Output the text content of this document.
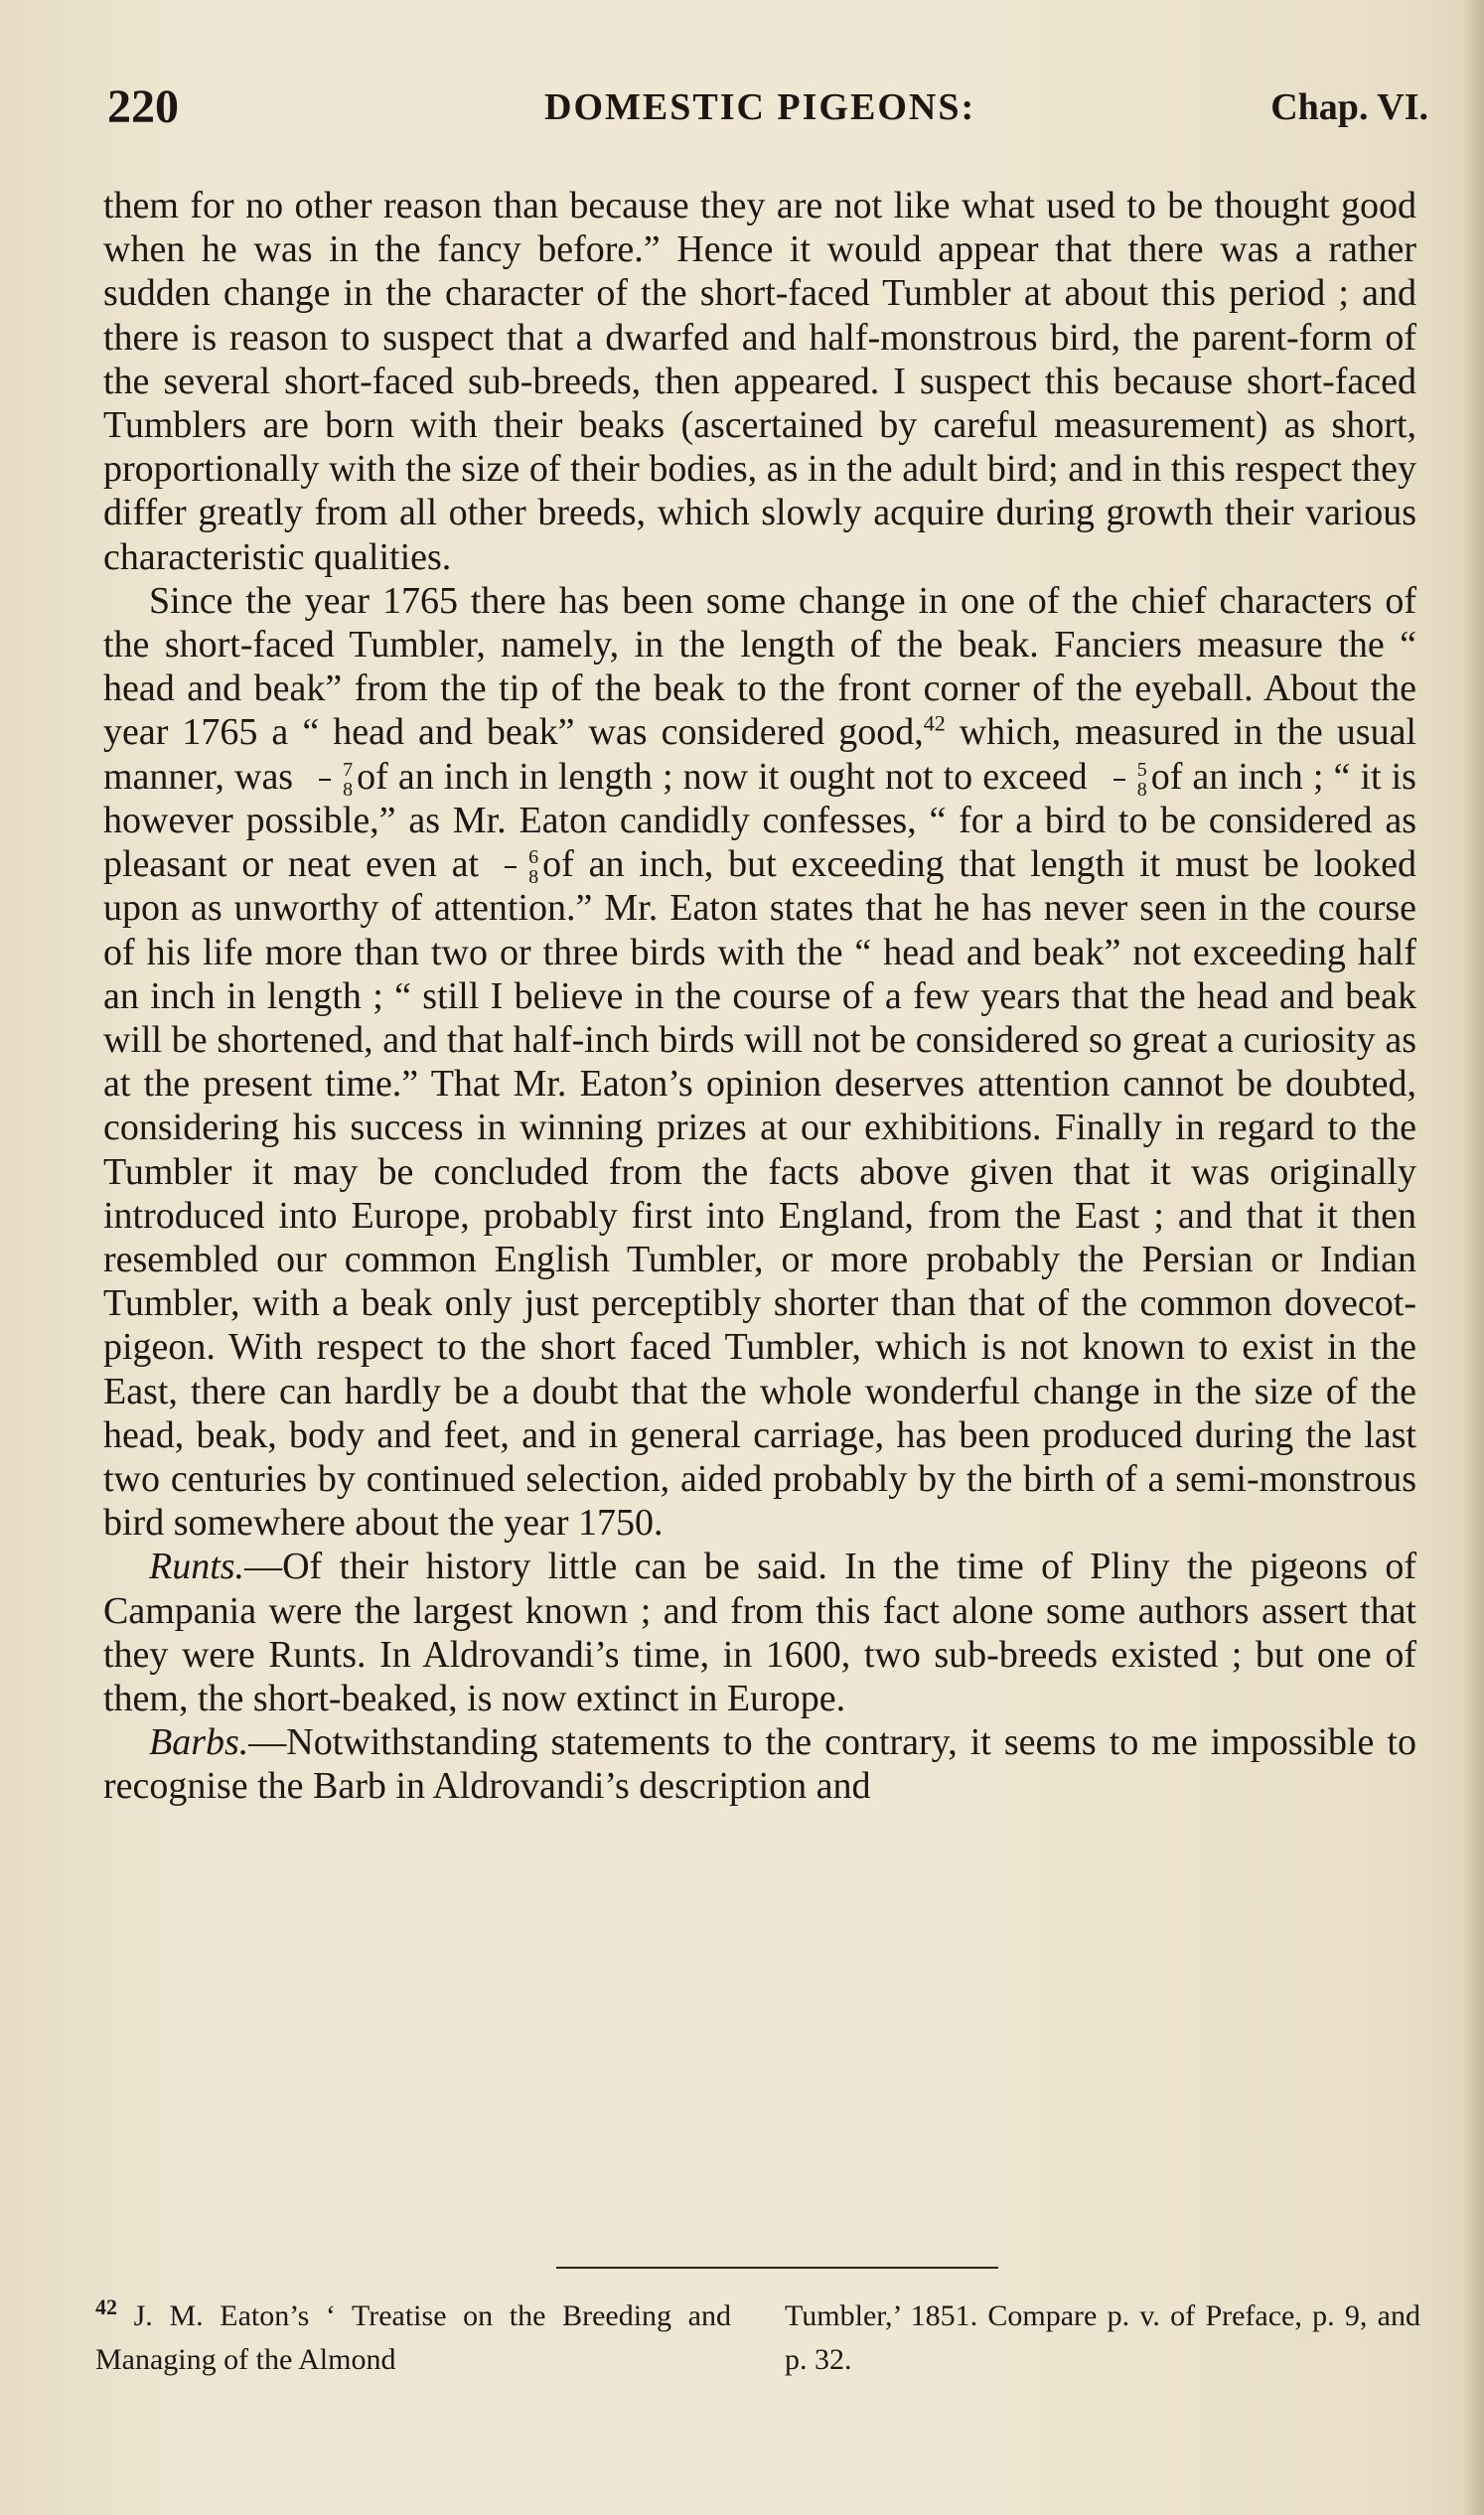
220	DOMESTIC PIGEONS:	Chap. VI.

them for no other reason than because they are not like what used to be thought good when he was in the fancy before.” Hence it would appear that there was a rather sudden change in the character of the short-faced Tumbler at about this period ; and there is reason to suspect that a dwarfed and half-monstrous bird, the parent-form of the several short-faced sub-breeds, then appeared. I suspect this because short-faced Tumblers are born with their beaks (ascertained by careful measurement) as short, proportionally with the size of their bodies, as in the adult bird; and in this respect they differ greatly from all other breeds, which slowly acquire during growth their various characteristic qualities.

Since the year 1765 there has been some change in one of the chief characters of the short-faced Tumbler, namely, in the length of the beak. Fanciers measure the “ head and beak” from the tip of the beak to the front corner of the eyeball. About the year 1765 a “ head and beak” was considered good,$^{42}$ which, measured in the usual manner, was $\frac{7}{8}$ of an inch in length ; now it ought not to exceed $\frac{5}{8}$ of an inch ; “ it is however possible,” as Mr. Eaton candidly confesses, “ for a bird to be considered as pleasant or neat even at $\frac{6}{8}$ of an inch, but exceeding that length it must be looked upon as unworthy of attention.” Mr. Eaton states that he has never seen in the course of his life more than two or three birds with the “ head and beak” not exceeding half an inch in length ; “ still I believe in the course of a few years that the head and beak will be shortened, and that half-inch birds will not be considered so great a curiosity as at the present time.” That Mr. Eaton’s opinion deserves attention cannot be doubted, considering his success in winning prizes at our exhibitions. Finally in regard to the Tumbler it may be concluded from the facts above given that it was originally introduced into Europe, probably first into England, from the East ; and that it then resembled our common English Tumbler, or more probably the Persian or Indian Tumbler, with a beak only just perceptibly shorter than that of the common dovecot-pigeon. With respect to the short faced Tumbler, which is not known to exist in the East, there can hardly be a doubt that the whole wonderful change in the size of the head, beak, body and feet, and in general carriage, has been produced during the last two centuries by continued selection, aided probably by the birth of a semi-monstrous bird somewhere about the year 1750.

Runts.—Of their history little can be said. In the time of Pliny the pigeons of Campania were the largest known ; and from this fact alone some authors assert that they were Runts. In Aldrovandi’s time, in 1600, two sub-breeds existed ; but one of them, the short-beaked, is now extinct in Europe.

Barbs.—Notwithstanding statements to the contrary, it seems to me impossible to recognise the Barb in Aldrovandi’s description and

$^{42}$ J. M. Eaton’s ‘ Treatise on the Breeding and Managing of the Almond
Tumbler,’ 1851. Compare p. v. of Preface, p. 9, and p. 32.
